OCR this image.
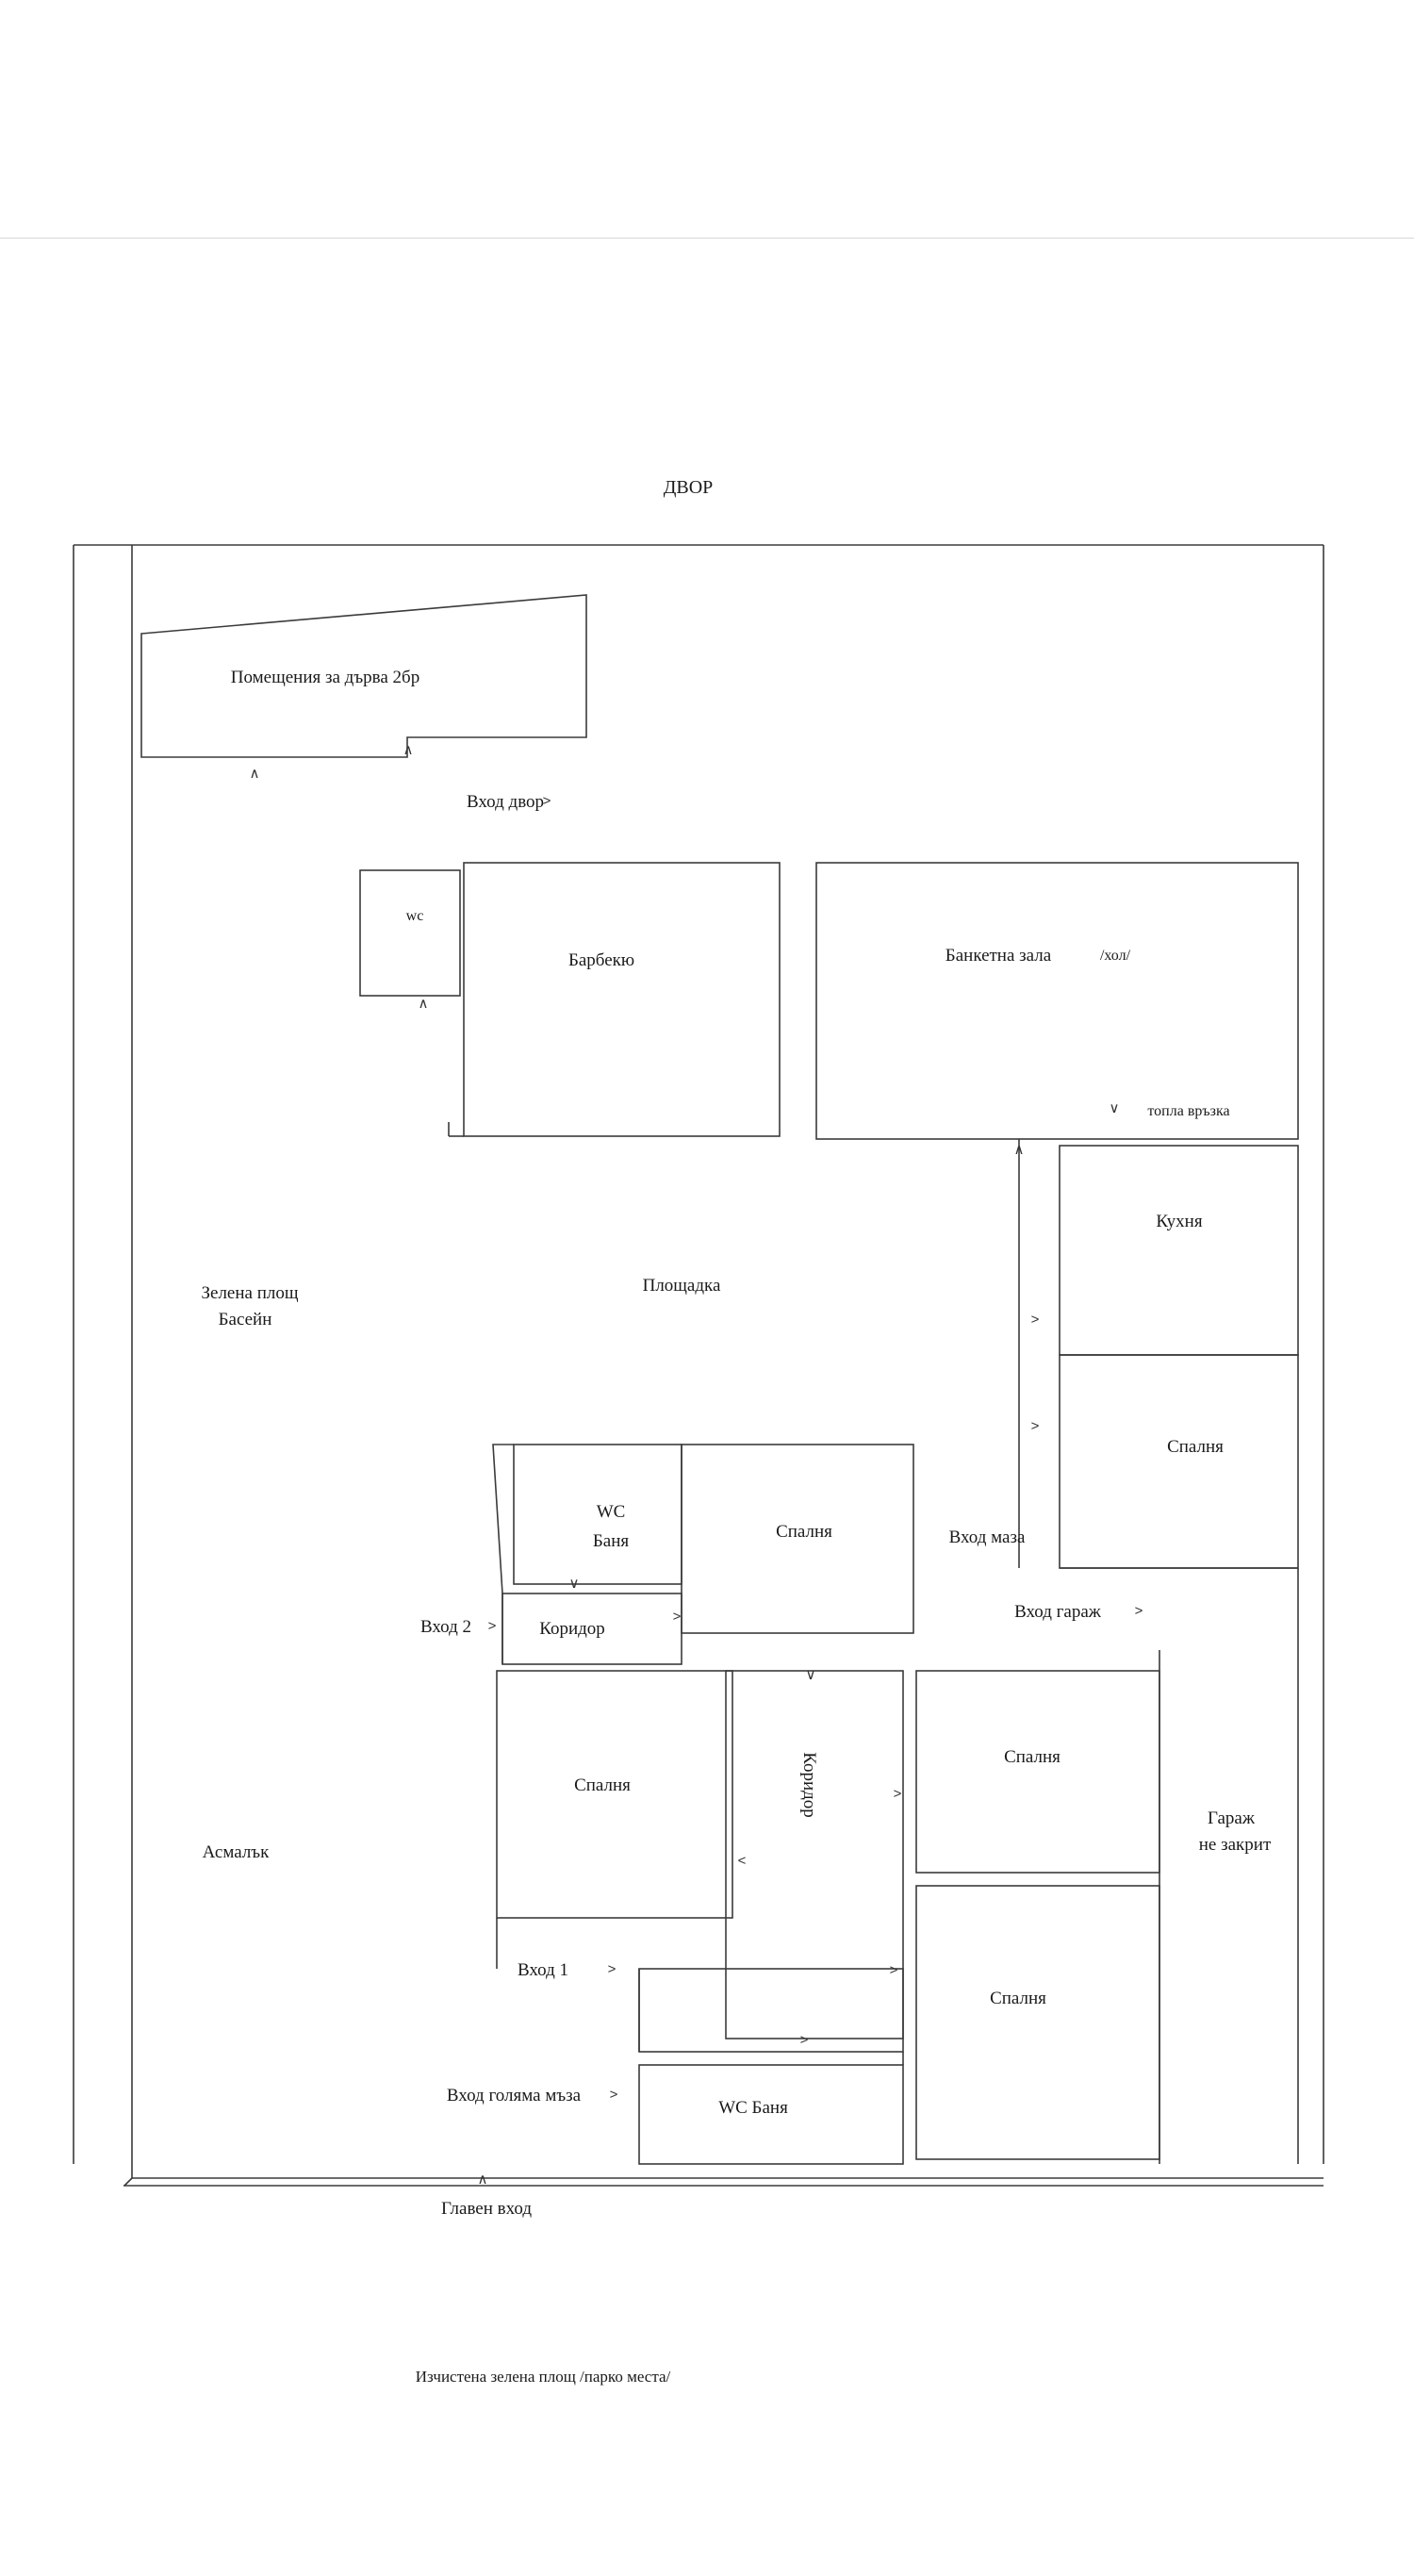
ДВОР
Помещения за дърва 2бр
wc
Барбекю	Банкетна зала	/хол/
Кухня
Спалня
Площадка
Зелена площ
Басейн
WC
Баня	Спалня
Коридор
Спалня	Коридор	Спалня
Спалня
WC Баня
Гараж
не закрит
Асмалък
Вход двор
>
топла връзка
∨
Вход маза
Вход гараж >
Вход 2 >
Вход 1	>
Вход голяма мъза >
Главен вход
∧
∧
∧
∧
∧
>
>
∨
>
∨
>
<
>
>
Изчистена зелена площ /парко места/
